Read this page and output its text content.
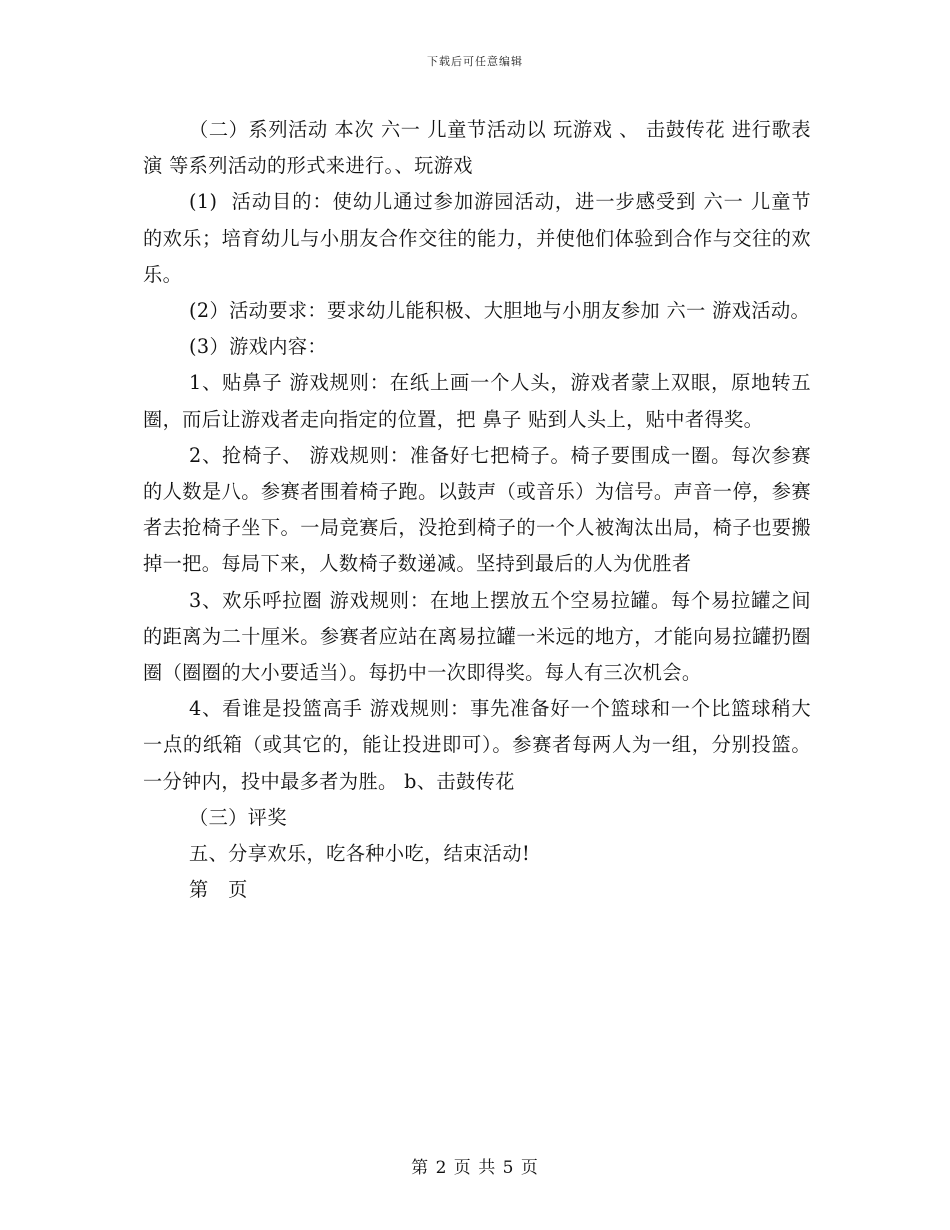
下载后可任意编辑

（二）系列活动 本次 六一 儿童节活动以 玩游戏 、 击鼓传花 进行歌表演 等系列活动的形式来进行。、玩游戏

(1)  活动目的：使幼儿通过参加游园活动，进一步感受到 六一 儿童节的欢乐；培育幼儿与小朋友合作交往的能力，并使他们体验到合作与交往的欢乐。

(2）活动要求：要求幼儿能积极、大胆地与小朋友参加 六一 游戏活动。

(3）游戏内容：

1、贴鼻子 游戏规则：在纸上画一个人头，游戏者蒙上双眼，原地转五圈，而后让游戏者走向指定的位置，把 鼻子 贴到人头上，贴中者得奖。

2、抢椅子、 游戏规则：准备好七把椅子。椅子要围成一圈。每次参赛的人数是八。参赛者围着椅子跑。以鼓声（或音乐）为信号。声音一停，参赛者去抢椅子坐下。一局竞赛后，没抢到椅子的一个人被淘汰出局，椅子也要搬掉一把。每局下来，人数椅子数递减。坚持到最后的人为优胜者

3、欢乐呼拉圈 游戏规则：在地上摆放五个空易拉罐。每个易拉罐之间的距离为二十厘米。参赛者应站在离易拉罐一米远的地方，才能向易拉罐扔圈圈（圈圈的大小要适当）。每扔中一次即得奖。每人有三次机会。

4、看谁是投篮高手 游戏规则：事先准备好一个篮球和一个比篮球稍大一点的纸箱（或其它的，能让投进即可）。参赛者每两人为一组，分别投篮。一分钟内，投中最多者为胜。 b、击鼓传花

（三）评奖

五、分享欢乐，吃各种小吃，结束活动!

第   页

第 2 页 共 5 页
